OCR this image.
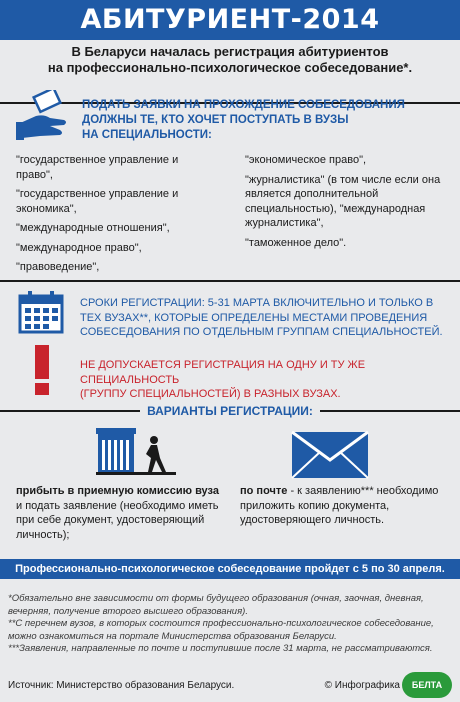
АБИТУРИЕНТ-2014
В Беларуси началась регистрация абитуриентов
на профессионально-психологическое собеседование*.
ПОДАТЬ ЗАЯВКИ НА ПРОХОЖДЕНИЕ СОБЕСЕДОВАНИЯ
ДОЛЖНЫ ТЕ, КТО ХОЧЕТ ПОСТУПАТЬ В ВУЗЫ
НА СПЕЦИАЛЬНОСТИ:
"государственное управление и право",
"государственное управление и экономика",
"международные отношения",
"международное право",
"правоведение",
"экономическое право",
"журналистика" (в том числе если она является дополнительной специальностью), "международная журналистика",
"таможенное дело".
СРОКИ РЕГИСТРАЦИИ: 5-31 МАРТА ВКЛЮЧИТЕЛЬНО И ТОЛЬКО В
ТЕХ ВУЗАХ**, КОТОРЫЕ ОПРЕДЕЛЕНЫ МЕСТАМИ ПРОВЕДЕНИЯ
СОБЕСЕДОВАНИЯ ПО ОТДЕЛЬНЫМ ГРУППАМ СПЕЦИАЛЬНОСТЕЙ.
НЕ ДОПУСКАЕТСЯ РЕГИСТРАЦИЯ НА ОДНУ И ТУ ЖЕ СПЕЦИАЛЬНОСТЬ
(ГРУППУ СПЕЦИАЛЬНОСТЕЙ) В РАЗНЫХ ВУЗАХ.
ВАРИАНТЫ РЕГИСТРАЦИИ:
прибыть в приемную комиссию вуза и подать заявление (необходимо иметь при себе документ, удостоверяющий личность);
по почте - к заявлению*** необходимо приложить копию документа, удостоверяющего личность.
Профессионально-психологическое собеседование пройдет с 5 по 30 апреля.

*Обязательно вне зависимости от формы будущего образования (очная, заочная, дневная, вечерняя, получение второго высшего образования).

**С перечнем вузов, в которых состоится профессионально-психологическое собеседование, можно ознакомиться на портале Министерства образования Беларуси.

***Заявления, направленные по почте и поступившие после 31 марта, не рассматриваются.

Источник: Министерство образования Беларуси.	© Инфографика	БЕЛТА
